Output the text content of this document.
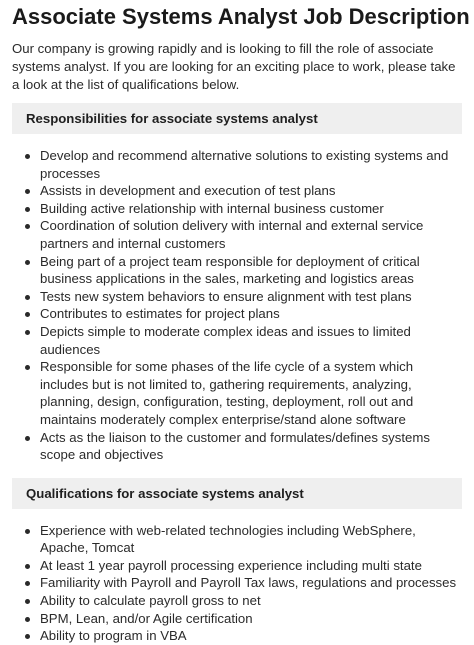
Associate Systems Analyst Job Description

Our company is growing rapidly and is looking to fill the role of associate systems analyst. If you are looking for an exciting place to work, please take a look at the list of qualifications below.

Responsibilities for associate systems analyst
Develop and recommend alternative solutions to existing systems and processes
Assists in development and execution of test plans
Building active relationship with internal business customer
Coordination of solution delivery with internal and external service partners and internal customers
Being part of a project team responsible for deployment of critical business applications in the sales, marketing and logistics areas
Tests new system behaviors to ensure alignment with test plans
Contributes to estimates for project plans
Depicts simple to moderate complex ideas and issues to limited audiences
Responsible for some phases of the life cycle of a system which includes but is not limited to, gathering requirements, analyzing, planning, design, configuration, testing, deployment, roll out and maintains moderately complex enterprise/stand alone software
Acts as the liaison to the customer and formulates/defines systems scope and objectives
Qualifications for associate systems analyst
Experience with web-related technologies including WebSphere, Apache, Tomcat
At least 1 year payroll processing experience including multi state
Familiarity with Payroll and Payroll Tax laws, regulations and processes
Ability to calculate payroll gross to net
BPM, Lean, and/or Agile certification
Ability to program in VBA
